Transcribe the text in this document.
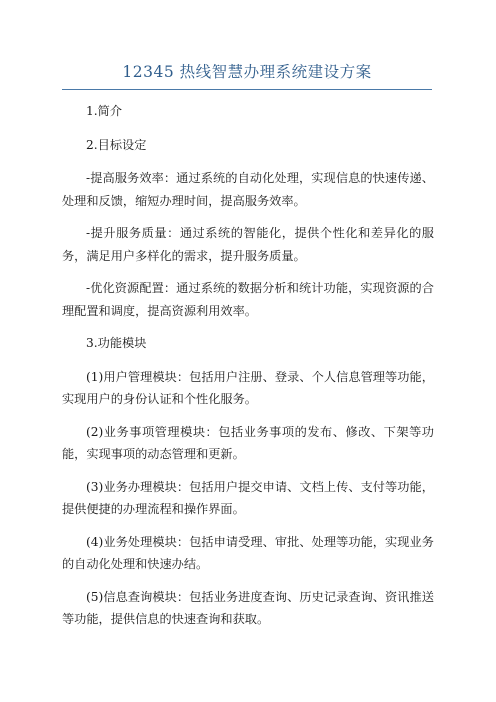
12345 热线智慧办理系统建设方案

1.简介

2.目标设定

-提高服务效率：通过系统的自动化处理，实现信息的快速传递、处理和反馈，缩短办理时间，提高服务效率。

-提升服务质量：通过系统的智能化，提供个性化和差异化的服务，满足用户多样化的需求，提升服务质量。

-优化资源配置：通过系统的数据分析和统计功能，实现资源的合理配置和调度，提高资源利用效率。

3.功能模块

(1)用户管理模块：包括用户注册、登录、个人信息管理等功能，实现用户的身份认证和个性化服务。

(2)业务事项管理模块：包括业务事项的发布、修改、下架等功能，实现事项的动态管理和更新。

(3)业务办理模块：包括用户提交申请、文档上传、支付等功能，提供便捷的办理流程和操作界面。

(4)业务处理模块：包括申请受理、审批、处理等功能，实现业务的自动化处理和快速办结。

(5)信息查询模块：包括业务进度查询、历史记录查询、资讯推送等功能，提供信息的快速查询和获取。
